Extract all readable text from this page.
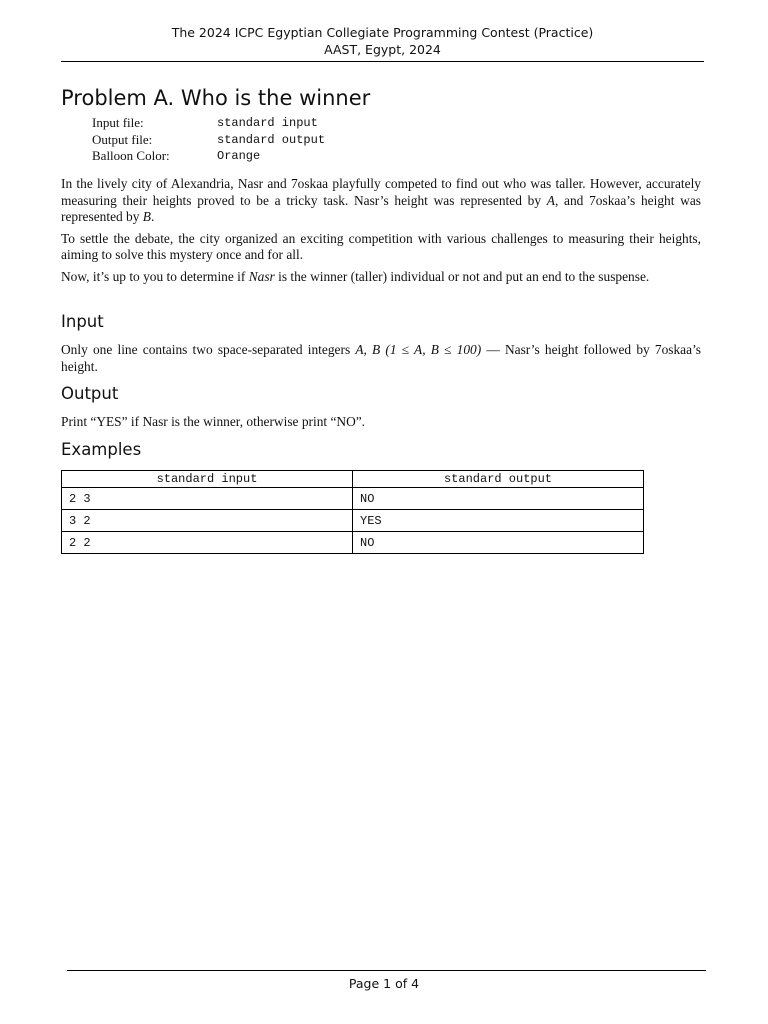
The 2024 ICPC Egyptian Collegiate Programming Contest (Practice)
AAST, Egypt, 2024
Problem A. Who is the winner
Input file:	standard input
Output file:	standard output
Balloon Color:	Orange

In the lively city of Alexandria, Nasr and 7oskaa playfully competed to find out who was taller. However, accurately measuring their heights proved to be a tricky task. Nasr’s height was represented by A, and 7oskaa’s height was represented by B.

To settle the debate, the city organized an exciting competition with various challenges to measuring their heights, aiming to solve this mystery once and for all.

Now, it’s up to you to determine if Nasr is the winner (taller) individual or not and put an end to the suspense.

Input

Only one line contains two space-separated integers A, B (1 ≤ A, B ≤ 100) — Nasr’s height followed by 7oskaa’s height.

Output

Print “YES” if Nasr is the winner, otherwise print “NO”.

Examples
standard input	standard output
2 3	NO
3 2	YES
2 2	NO
Page 1 of 4
